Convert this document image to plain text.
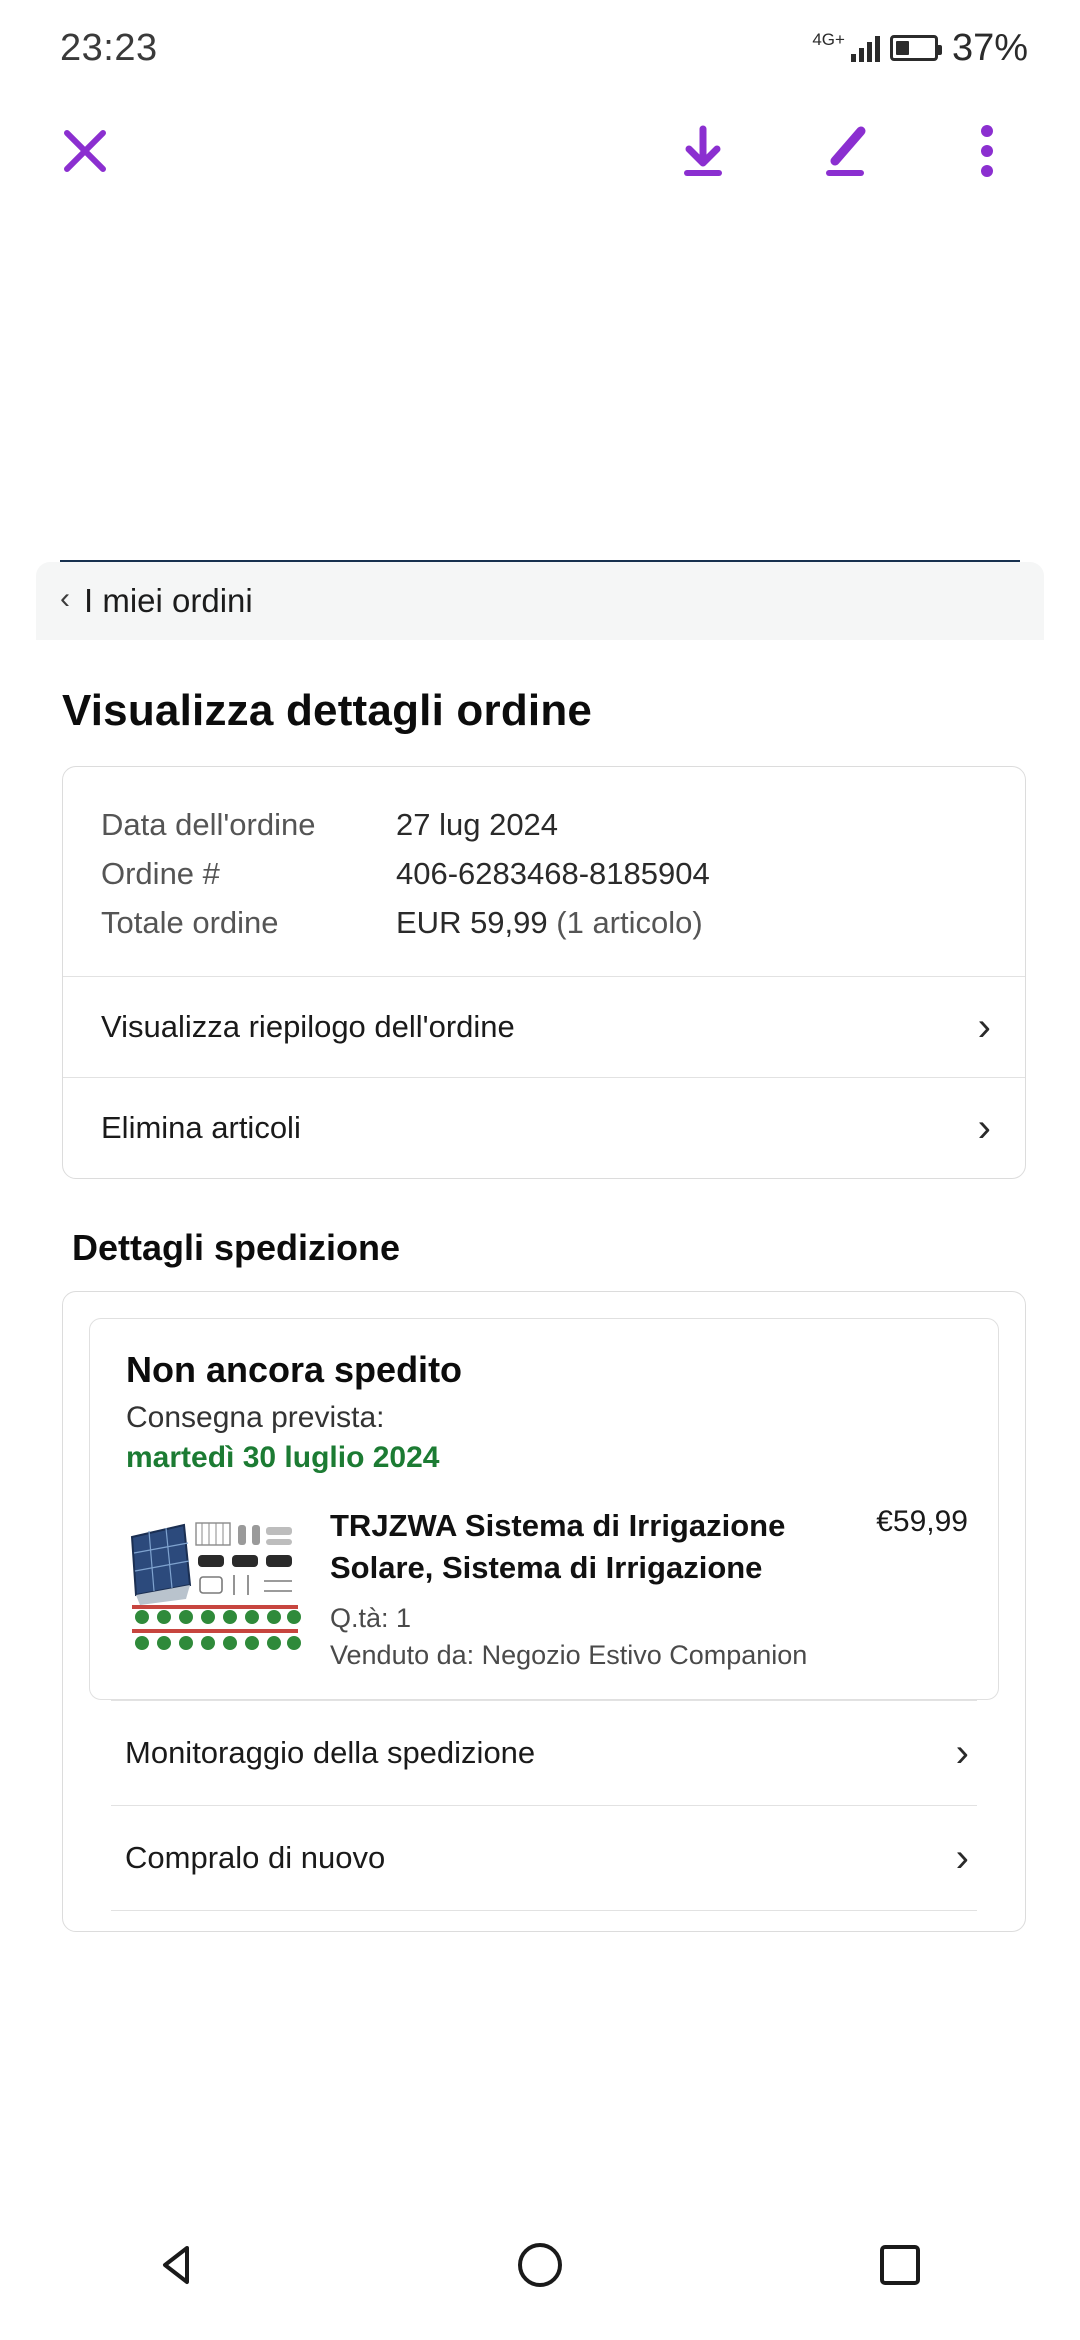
23:23	4G+	37%
‹ I miei ordini
Visualizza dettagli ordine
Data dell'ordine	27 lug 2024
Ordine #	406-6283468-8185904
Totale ordine	EUR 59,99 (1 articolo)
Visualizza riepilogo dell'ordine	›
Elimina articoli	›
Dettagli spedizione
Non ancora spedito
Consegna prevista:
martedì 30 luglio 2024
TRJZWA Sistema di Irrigazione Solare, Sistema di Irrigazione
Q.tà: 1
Venduto da: Negozio Estivo Companion
€59,99
Monitoraggio della spedizione	›
Compralo di nuovo	›
